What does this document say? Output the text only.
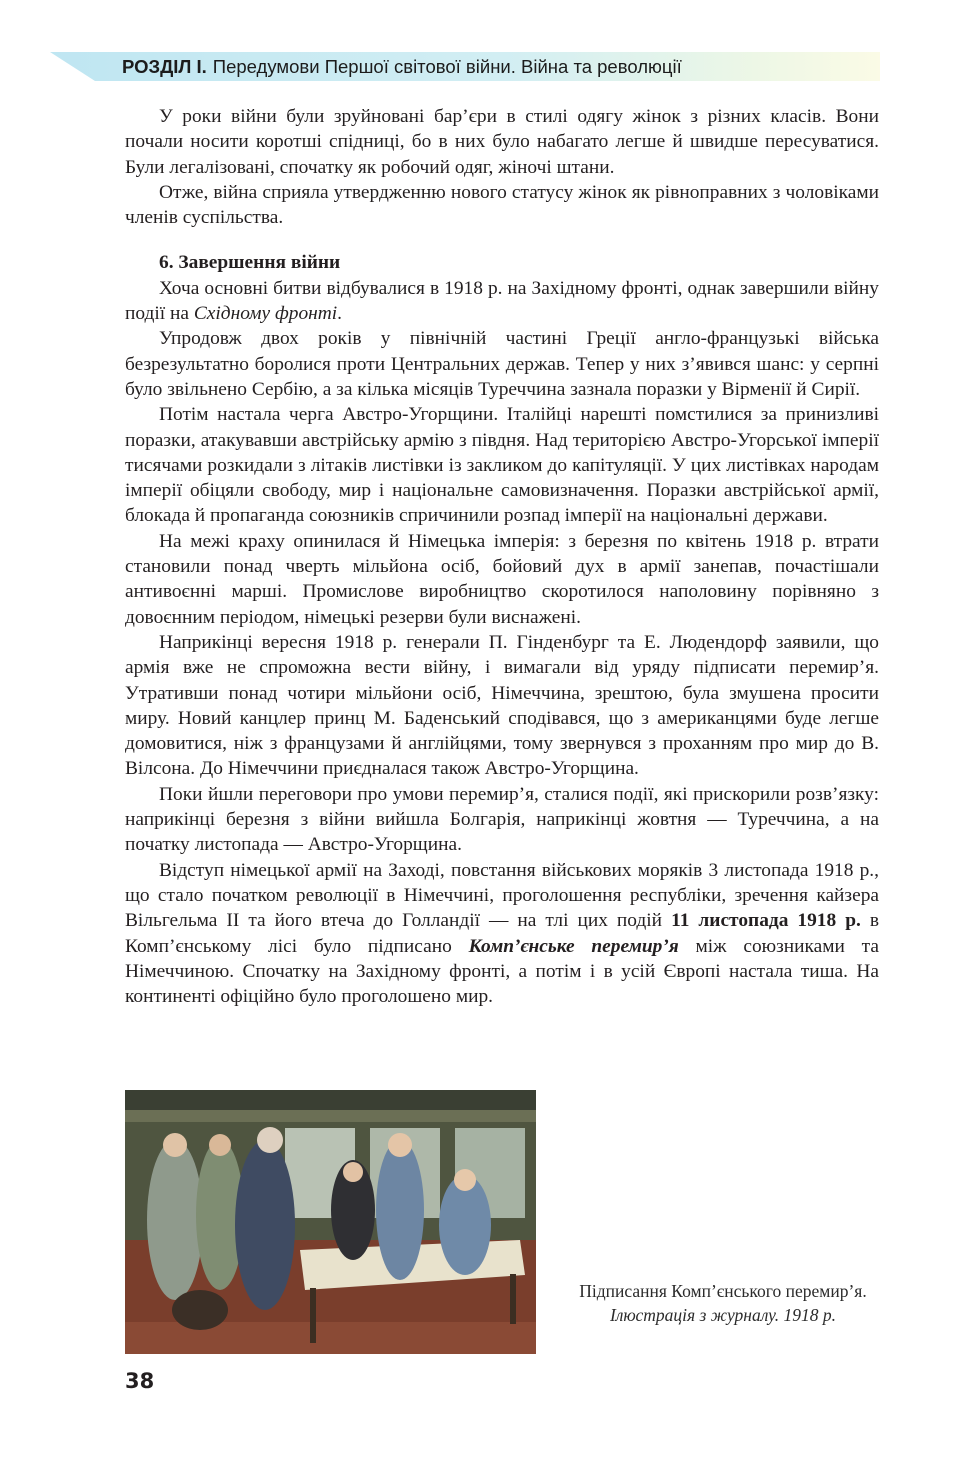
РОЗДІЛ І. Передумови Першої світової війни. Війна та революції

У роки війни були зруйновані бар’єри в стилі одягу жінок з різних класів. Вони почали носити коротші спідниці, бо в них було набагато легше й швидше пересуватися. Були легалізовані, спочатку як робочий одяг, жіночі штани.

Отже, війна сприяла утвердженню нового статусу жінок як рівноправних з чоловіками членів суспільства.

6. Завершення війни

Хоча основні битви відбувалися в 1918 р. на Західному фронті, однак завершили війну події на Східному фронті.

Упродовж двох років у північній частині Греції англо-французькі війська безрезультатно боролися проти Центральних держав. Тепер у них з’явився шанс: у серпні було звільнено Сербію, а за кілька місяців Туреччина зазнала поразки у Вірменії й Сирії.

Потім настала черга Австро-Угорщини. Італійці нарешті помстилися за принизливі поразки, атакувавши австрійську армію з півдня. Над територією Австро-Угорської імперії тисячами розкидали з літаків листівки із закликом до капітуляції. У цих листівках народам імперії обіцяли свободу, мир і національне самовизначення. Поразки австрійської армії, блокада й пропаганда союзників спричинили розпад імперії на національні держави.

На межі краху опинилася й Німецька імперія: з березня по квітень 1918 р. втрати становили понад чверть мільйона осіб, бойовий дух в армії занепав, почастішали антивоєнні марші. Промислове виробництво скоротилося наполовину порівняно з довоєнним періодом, німецькі резерви були виснажені.

Наприкінці вересня 1918 р. генерали П. Гінденбург та Е. Людендорф заявили, що армія вже не спроможна вести війну, і вимагали від уряду підписати перемир’я. Утративши понад чотири мільйони осіб, Німеччина, зрештою, була змушена просити миру. Новий канцлер принц М. Баденський сподівався, що з американцями буде легше домовитися, ніж з французами й англійцями, тому звернувся з проханням про мир до В. Вілсона. До Німеччини приєдналася також Австро-Угорщина.

Поки йшли переговори про умови перемир’я, сталися події, які прискорили розв’язку: наприкінці березня з війни вийшла Болгарія, наприкінці жовтня — Туреччина, а на початку листопада — Австро-Угорщина.

Відступ німецької армії на Заході, повстання військових моряків 3 листопада 1918 р., що стало початком революції в Німеччині, проголошення республіки, зречення кайзера Вільгельма II та його втеча до Голландії — на тлі цих подій 11 листопада 1918 р. в Комп’єнському лісі було підписано Комп’єнське перемир’я між союзниками та Німеччиною. Спочатку на Західному фронті, а потім і в усій Європі настала тиша. На континенті офіційно було проголошено мир.

Підписання Комп’єнського перемир’я. Ілюстрація з журналу. 1918 р.
38
